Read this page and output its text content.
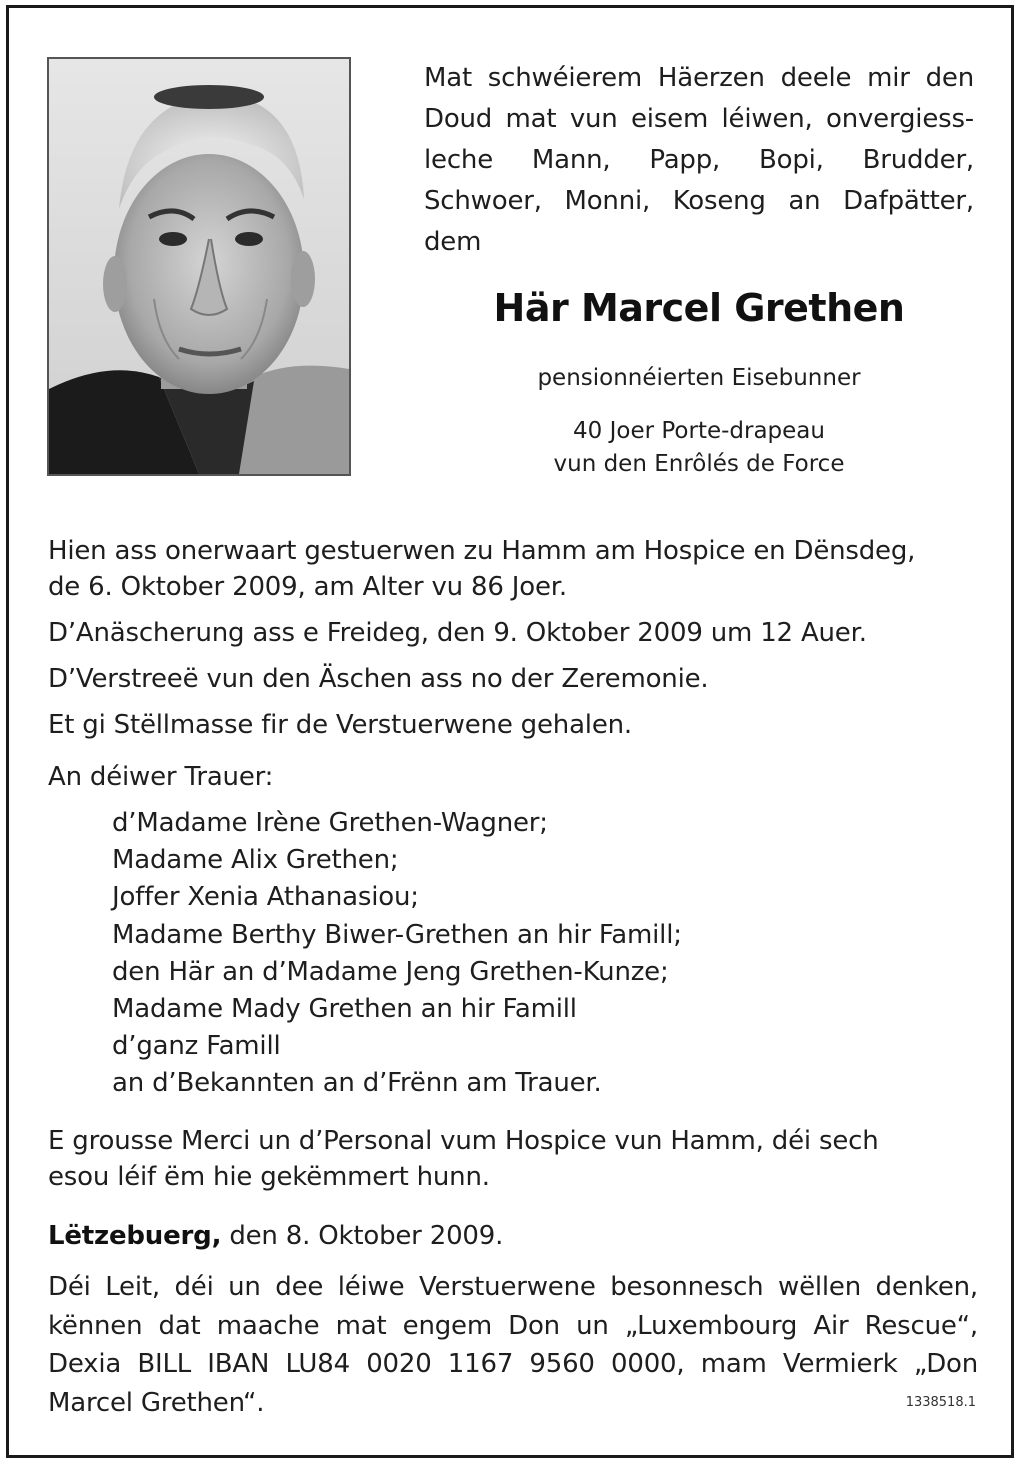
Mat schwéierem Häerzen deele mir den
Doud mat vun eisem léiwen, onvergiess-
leche Mann, Papp, Bopi, Brudder,
Schwoer, Monni, Koseng an Dafpätter,
dem
Här Marcel Grethen
pensionnéierten Eisebunner
40 Joer Porte-drapeau
vun den Enrôlés de Force
Hien ass onerwaart gestuerwen zu Hamm am Hospice en Dënsdeg,
de 6. Oktober 2009, am Alter vu 86 Joer.
D’Anäscherung ass e Freideg, den 9. Oktober 2009 um 12 Auer.
D’Verstreeë vun den Äschen ass no der Zeremonie.
Et gi Stëllmasse fir de Verstuerwene gehalen.
An déiwer Trauer:
d’Madame Irène Grethen-Wagner;
Madame Alix Grethen;
Joffer Xenia Athanasiou;
Madame Berthy Biwer-Grethen an hir Famill;
den Här an d’Madame Jeng Grethen-Kunze;
Madame Mady Grethen an hir Famill
d’ganz Famill
an d’Bekannten an d’Frënn am Trauer.
E grousse Merci un d’Personal vum Hospice vun Hamm, déi sech
esou léif ëm hie gekëmmert hunn.
Lëtzebuerg, den 8. Oktober 2009.
Déi Leit, déi un dee léiwe Verstuerwene besonnesch wëllen denken,
kënnen dat maache mat engem Don un „Luxembourg Air Rescue“,
Dexia BILL IBAN LU84 0020 1167 9560 0000, mam Vermierk „Don
Marcel Grethen“.	1338518.1
